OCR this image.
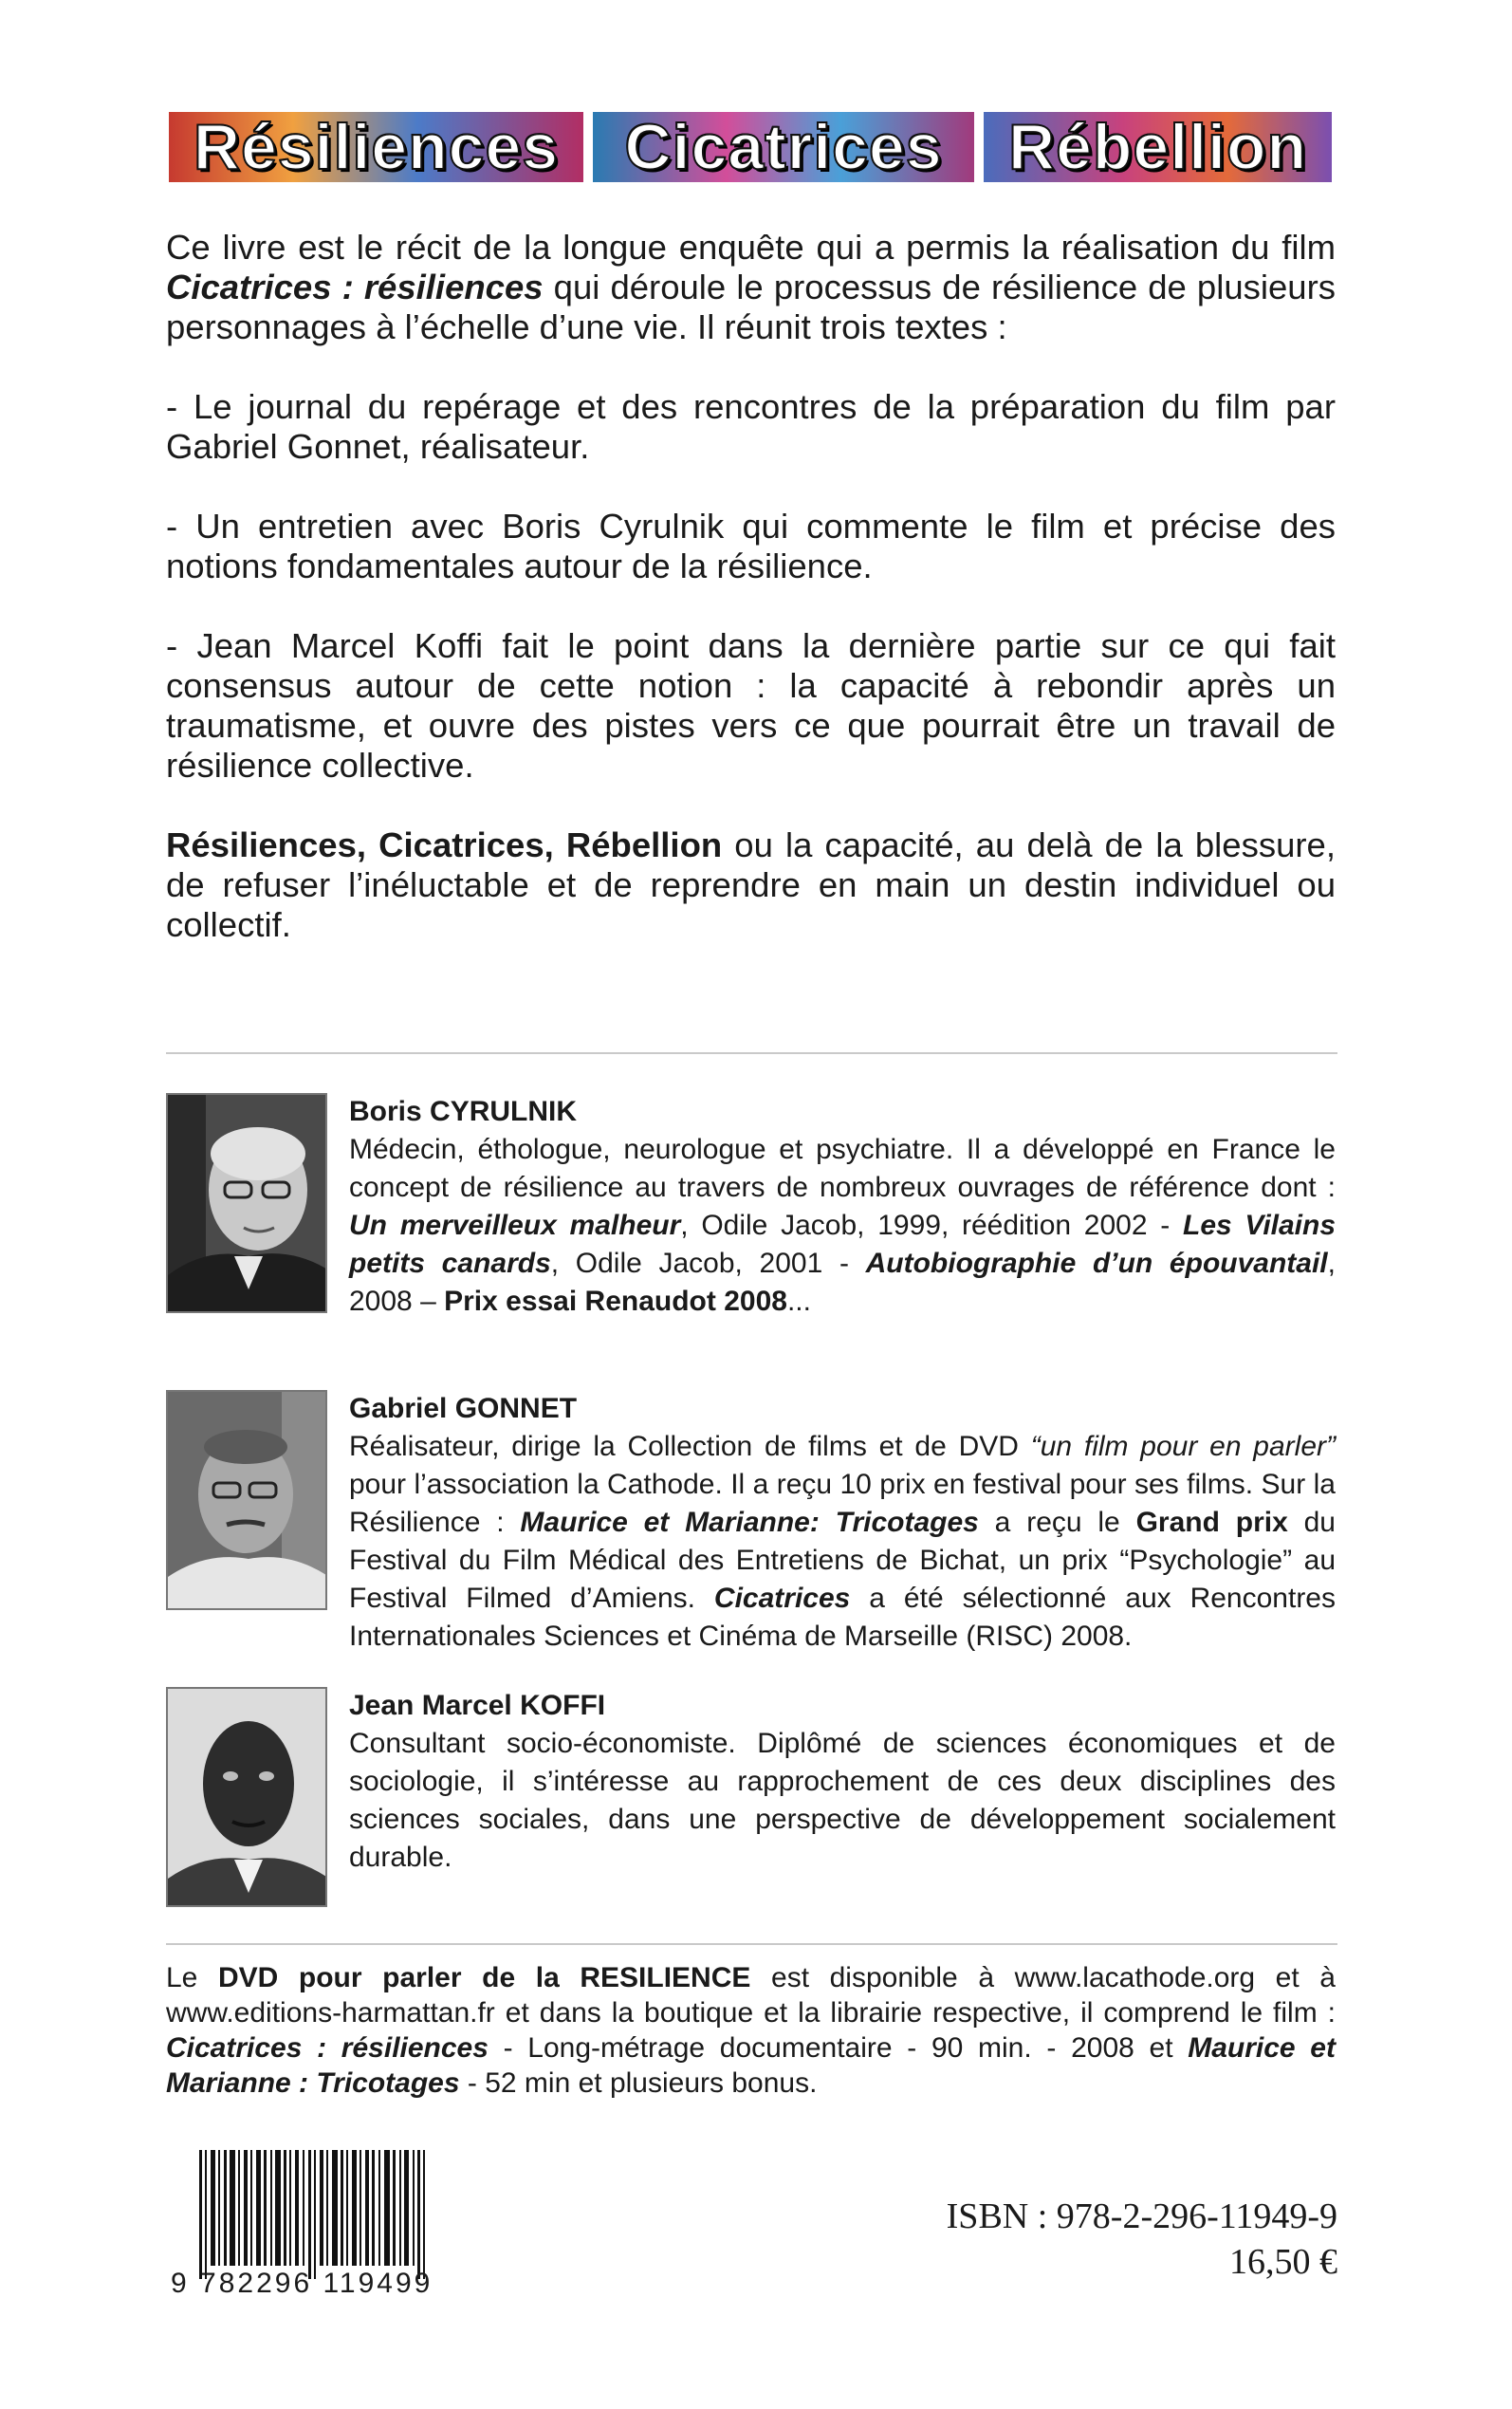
Résiliences	Cicatrices	Rébellion

Ce livre est le récit de la longue enquête qui a permis la réalisation du film Cicatrices : résiliences qui déroule le processus de résilience de plusieurs personnages à l’échelle d’une vie. Il réunit trois textes :

- Le journal du repérage et des rencontres de la préparation du film par Gabriel Gonnet, réalisateur.

- Un entretien avec Boris Cyrulnik qui commente le film et précise des notions fondamentales autour de la résilience.

- Jean Marcel Koffi fait le point dans la dernière partie sur ce qui fait consensus autour de cette notion : la capacité à rebondir après un traumatisme, et ouvre des pistes vers ce que pourrait être un travail de résilience collective.

Résiliences, Cicatrices, Rébellion ou la capacité, au delà de la blessure, de refuser l’inéluctable et de reprendre en main un destin individuel ou collectif.

Boris CYRULNIK
Médecin, éthologue, neurologue et psychiatre. Il a développé en France le concept de résilience au travers de nombreux ouvrages de référence dont : Un merveilleux malheur, Odile Jacob, 1999, réédition 2002 - Les Vilains petits canards, Odile Jacob, 2001 - Autobiographie d’un épouvantail, 2008 – Prix essai Renaudot 2008...

Gabriel GONNET
Réalisateur, dirige la Collection de films et de DVD “un film pour en parler” pour l’association la Cathode. Il a reçu 10 prix en festival pour ses films. Sur la Résilience : Maurice et Marianne: Tricotages a reçu le Grand prix du Festival du Film Médical des Entretiens de Bichat, un prix “Psychologie” au Festival Filmed d’Amiens. Cicatrices a été sélectionné aux Rencontres Internationales Sciences et Cinéma de Marseille (RISC) 2008.

Jean Marcel KOFFI
Consultant socio-économiste. Diplômé de sciences économiques et de sociologie, il s’intéresse au rapprochement de ces deux disciplines des sciences sociales, dans une perspective de développement socialement durable.

Le DVD pour parler de la RESILIENCE est disponible à www.lacathode.org et à www.editions-harmattan.fr et dans la boutique et la librairie respective, il comprend le film : Cicatrices : résiliences - Long-métrage documentaire - 90 min. - 2008 et Maurice et Marianne : Tricotages - 52 min et plusieurs bonus.

9 782296 119499
ISBN : 978-2-296-11949-9
16,50 €
